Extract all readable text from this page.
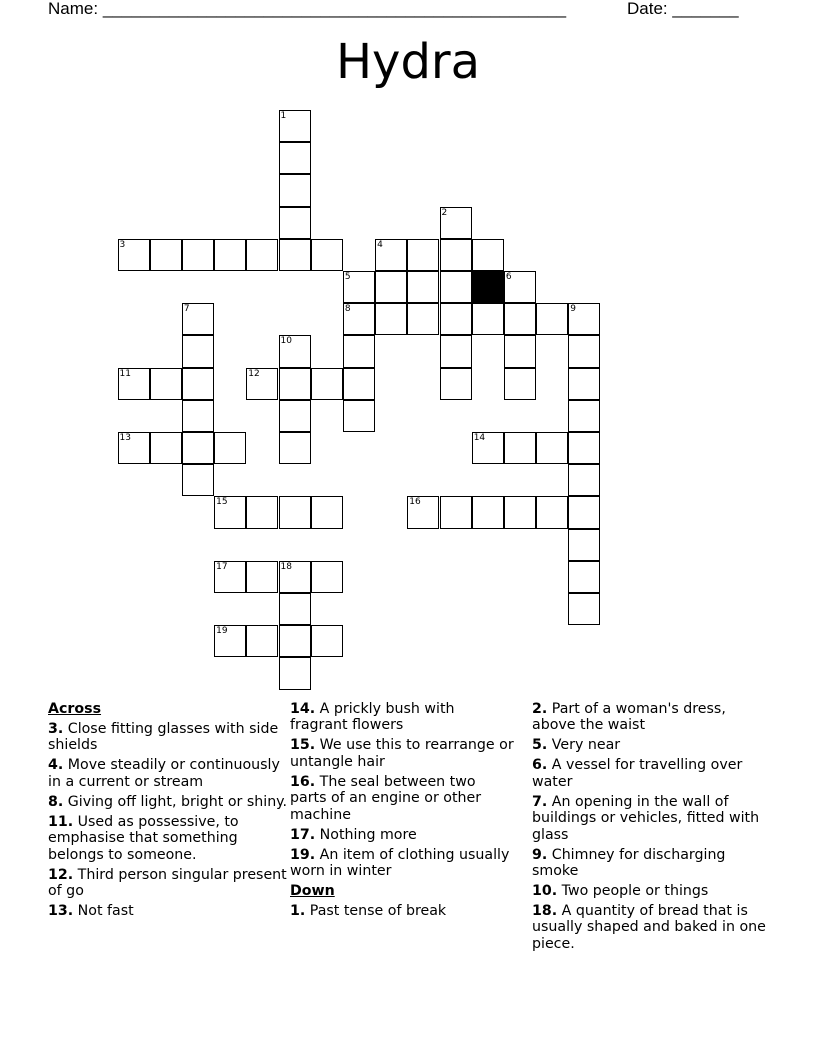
Name: _________________________________________________	Date: _______
Hydra
1
2
3	4
5	6
7	8	9
10
11	12
13	14
15	16
17	18
19
Across
3. Close fitting glasses with side shields
4. Move steadily or continuously in a current or stream
8. Giving off light, bright or shiny.
11. Used as possessive, to emphasise that something belongs to someone.
12. Third person singular present of go
13. Not fast
14. A prickly bush with fragrant flowers
15. We use this to rearrange or untangle hair
16. The seal between two parts of an engine or other machine
17. Nothing more
19. An item of clothing usually worn in winter
Down
1. Past tense of break
2. Part of a woman's dress, above the waist
5. Very near
6. A vessel for travelling over water
7. An opening in the wall of buildings or vehicles, fitted with glass
9. Chimney for discharging smoke
10. Two people or things
18. A quantity of bread that is usually shaped and baked in one piece.
